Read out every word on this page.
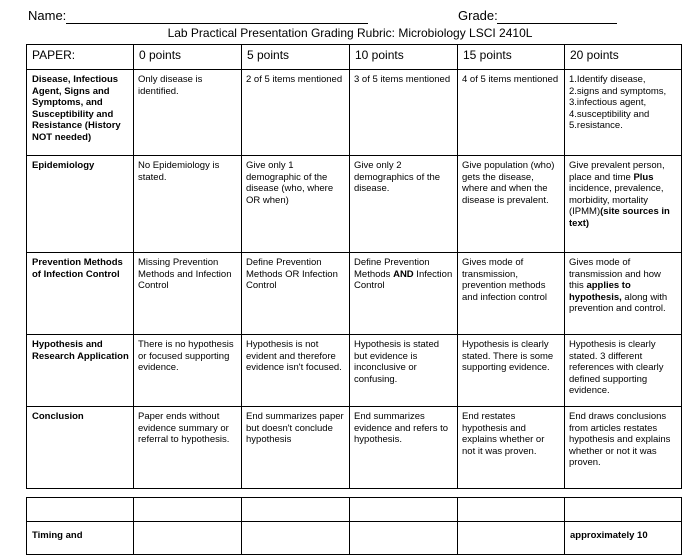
Name:	Grade:
Lab Practical Presentation Grading Rubric: Microbiology LSCI 2410L
PAPER:	0 points	5 points	10 points	15 points	20 points
Disease, Infectious Agent, Signs and Symptoms, and Susceptibility and Resistance (History NOT needed)	Only disease is identified.	2 of 5 items mentioned	3 of 5 items mentioned	4 of 5 items mentioned	1.Identify disease, 2.signs and symptoms, 3.infectious agent, 4.susceptibility and 5.resistance.
Epidemiology	No Epidemiology is stated.	Give only 1 demographic of the disease (who, where OR when)	Give only 2 demographics of the disease.	Give population (who) gets the disease, where and when the disease is prevalent.	Give prevalent person, place and time Plus incidence, prevalence, morbidity, mortality (IPMM)(site sources in text)
Prevention Methods of Infection Control	Missing Prevention Methods and Infection Control	Define Prevention Methods OR Infection Control	Define Prevention Methods AND Infection Control	Gives mode of transmission, prevention methods and infection control	Gives mode of transmission and how this applies to hypothesis, along with prevention and control.
Hypothesis and Research Application	There is no hypothesis or focused supporting evidence.	Hypothesis is not evident and therefore evidence isn't focused.	Hypothesis is stated but evidence is inconclusive or confusing.	Hypothesis is clearly stated. There is some supporting evidence.	Hypothesis is clearly stated. 3 different references with clearly defined supporting evidence.
Conclusion	Paper ends without evidence summary or referral to hypothesis.	End summarizes paper but doesn't conclude hypothesis	End summarizes evidence and refers to hypothesis.	End restates hypothesis and explains whether or not it was proven.	End draws conclusions from articles restates hypothesis and explains whether or not it was proven.

Timing and					approximately 10
